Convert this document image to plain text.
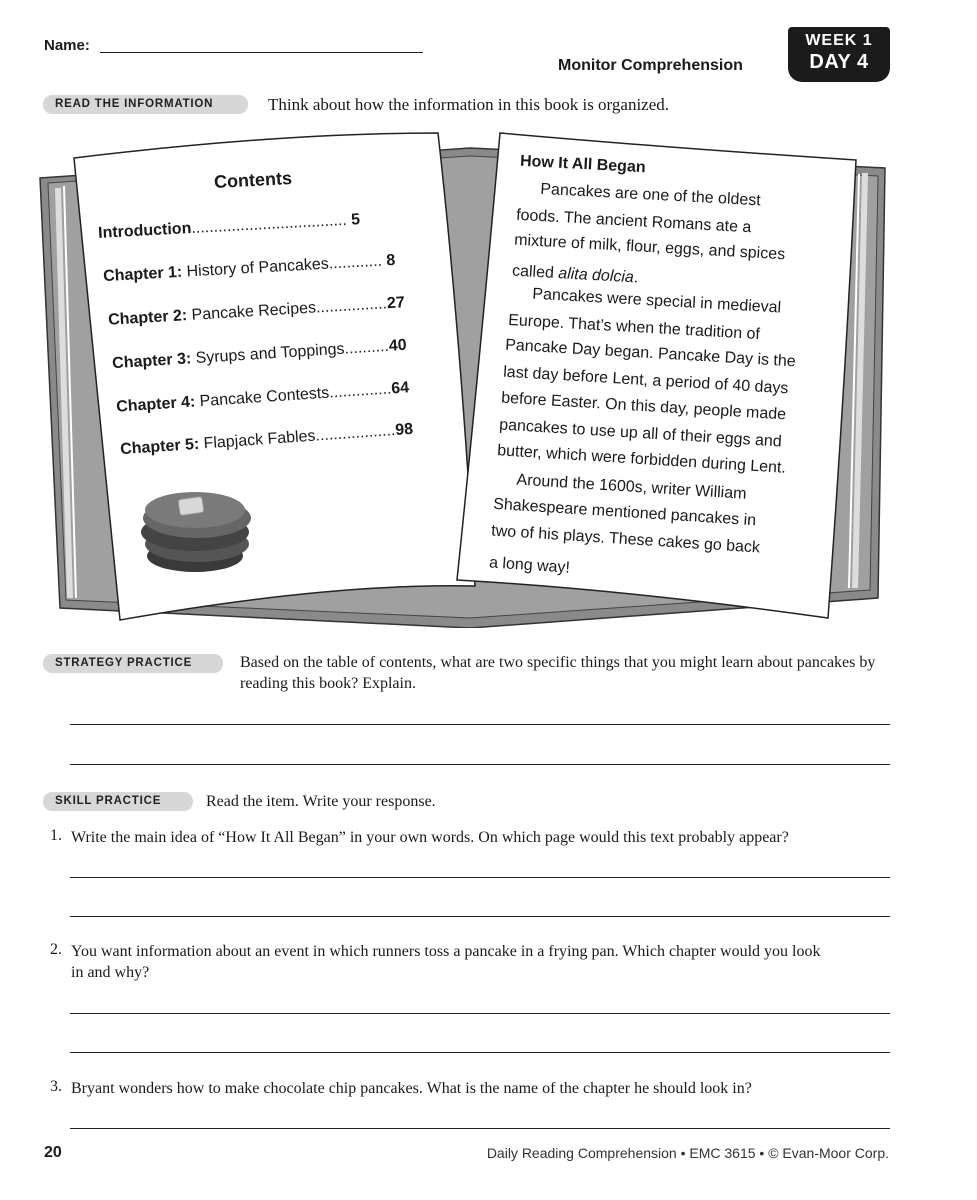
Name:
Monitor Comprehension
WEEK 1
DAY 4
READ THE INFORMATION	Think about how the information in this book is organized.
Contents
Introduction................................... 5
Chapter 1: History of Pancakes............ 8
Chapter 2: Pancake Recipes................27
Chapter 3: Syrups and Toppings..........40
Chapter 4: Pancake Contests..............64
Chapter 5: Flapjack Fables..................98
How It All Began
Pancakes are one of the oldest
foods. The ancient Romans ate a
mixture of milk, flour, eggs, and spices
called alita dolcia.
Pancakes were special in medieval
Europe. That’s when the tradition of
Pancake Day began. Pancake Day is the
last day before Lent, a period of 40 days
before Easter. On this day, people made
pancakes to use up all of their eggs and
butter, which were forbidden during Lent.
Around the 1600s, writer William
Shakespeare mentioned pancakes in
two of his plays. These cakes go back
a long way!
STRATEGY PRACTICE	Based on the table of contents, what are two specific things that you might learn about pancakes by reading this book? Explain.
SKILL PRACTICE	Read the item. Write your response.
1. Write the main idea of “How It All Began” in your own words. On which page would this text probably appear?
2. You want information about an event in which runners toss a pancake in a frying pan. Which chapter would you look in and why?
3. Bryant wonders how to make chocolate chip pancakes. What is the name of the chapter he should look in?
20	Daily Reading Comprehension • EMC 3615 • © Evan-Moor Corp.
